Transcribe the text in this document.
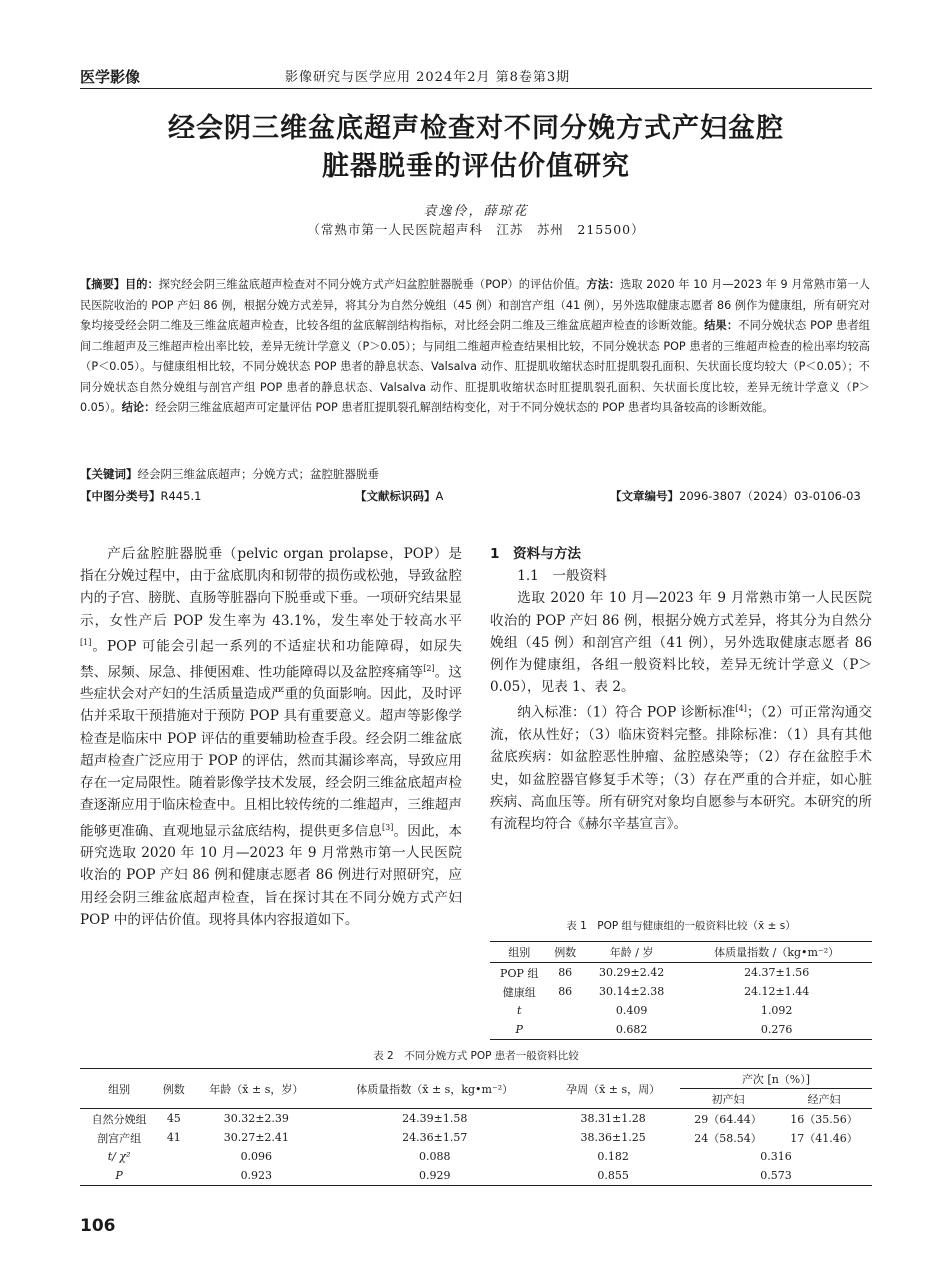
医学影像	影像研究与医学应用 2024年2月 第8卷第3期
经会阴三维盆底超声检查对不同分娩方式产妇盆腔
脏器脱垂的评估价值研究
袁逸伶，薛琼花
（常熟市第一人民医院超声科　江苏　苏州　215500）
【摘要】目的：探究经会阴三维盆底超声检查对不同分娩方式产妇盆腔脏器脱垂（POP）的评估价值。方法：选取 2020 年 10 月—2023 年 9 月常熟市第一人民医院收治的 POP 产妇 86 例，根据分娩方式差异，将其分为自然分娩组（45 例）和剖宫产组（41 例），另外选取健康志愿者 86 例作为健康组，所有研究对象均接受经会阴二维及三维盆底超声检查，比较各组的盆底解剖结构指标，对比经会阴二维及三维盆底超声检查的诊断效能。结果：不同分娩状态 POP 患者组间二维超声及三维超声检出率比较，差异无统计学意义（P＞0.05）；与同组二维超声检查结果相比较，不同分娩状态 POP 患者的三维超声检查的检出率均较高（P＜0.05）。与健康组相比较，不同分娩状态 POP 患者的静息状态、Valsalva 动作、肛提肌收缩状态时肛提肌裂孔面积、矢状面长度均较大（P＜0.05）；不同分娩状态自然分娩组与剖宫产组 POP 患者的静息状态、Valsalva 动作、肛提肌收缩状态时肛提肌裂孔面积、矢状面长度比较，差异无统计学意义（P＞0.05）。结论：经会阴三维盆底超声可定量评估 POP 患者肛提肌裂孔解剖结构变化，对于不同分娩状态的 POP 患者均具备较高的诊断效能。
【关键词】经会阴三维盆底超声；分娩方式；盆腔脏器脱垂
【中图分类号】R445.1	【文献标识码】A	【文章编号】2096-3807（2024）03-0106-03

产后盆腔脏器脱垂（pelvic organ prolapse，POP）是指在分娩过程中，由于盆底肌肉和韧带的损伤或松弛，导致盆腔内的子宫、膀胱、直肠等脏器向下脱垂或下垂。一项研究结果显示，女性产后 POP 发生率为 43.1%，发生率处于较高水平[1]。POP 可能会引起一系列的不适症状和功能障碍，如尿失禁、尿频、尿急、排便困难、性功能障碍以及盆腔疼痛等[2]。这些症状会对产妇的生活质量造成严重的负面影响。因此，及时评估并采取干预措施对于预防 POP 具有重要意义。超声等影像学检查是临床中 POP 评估的重要辅助检查手段。经会阴二维盆底超声检查广泛应用于 POP 的评估，然而其漏诊率高，导致应用存在一定局限性。随着影像学技术发展，经会阴三维盆底超声检查逐渐应用于临床检查中。且相比较传统的二维超声，三维超声能够更准确、直观地显示盆底结构，提供更多信息[3]。因此，本研究选取 2020 年 10 月—2023 年 9 月常熟市第一人民医院收治的 POP 产妇 86 例和健康志愿者 86 例进行对照研究，应用经会阴三维盆底超声检查，旨在探讨其在不同分娩方式产妇 POP 中的评估价值。现将具体内容报道如下。

1　资料与方法

1.1　一般资料

选取 2020 年 10 月—2023 年 9 月常熟市第一人民医院收治的 POP 产妇 86 例，根据分娩方式差异，将其分为自然分娩组（45 例）和剖宫产组（41 例），另外选取健康志愿者 86 例作为健康组，各组一般资料比较，差异无统计学意义（P＞0.05），见表 1、表 2。

纳入标准：（1）符合 POP 诊断标准[4]；（2）可正常沟通交流，依从性好；（3）临床资料完整。排除标准：（1）具有其他盆底疾病：如盆腔恶性肿瘤、盆腔感染等；（2）存在盆腔手术史，如盆腔器官修复手术等；（3）存在严重的合并症，如心脏疾病、高血压等。所有研究对象均自愿参与本研究。本研究的所有流程均符合《赫尔辛基宣言》。

表 1　POP 组与健康组的一般资料比较（x̄ ± s）
组别	例数	年龄 / 岁	体质量指数 /（kg•m⁻²）
POP 组	86	30.29±2.42	24.37±1.56
健康组	86	30.14±2.38	24.12±1.44
t		0.409	1.092
P		0.682	0.276
表 2　不同分娩方式 POP 患者一般资料比较
组别	例数	年龄（x̄ ± s，岁）	体质量指数（x̄ ± s，kg•m⁻²）	孕周（x̄ ± s，周）	产次 [n（%）]	
					初产妇	经产妇
自然分娩组	45	30.32±2.39	24.39±1.58	38.31±1.28	29（64.44）	16（35.56）
剖宫产组	41	30.27±2.41	24.36±1.57	38.36±1.25	24（58.54）	17（41.46）
t/ χ²		0.096	0.088	0.182	0.316	
P		0.923	0.929	0.855	0.573	
106
